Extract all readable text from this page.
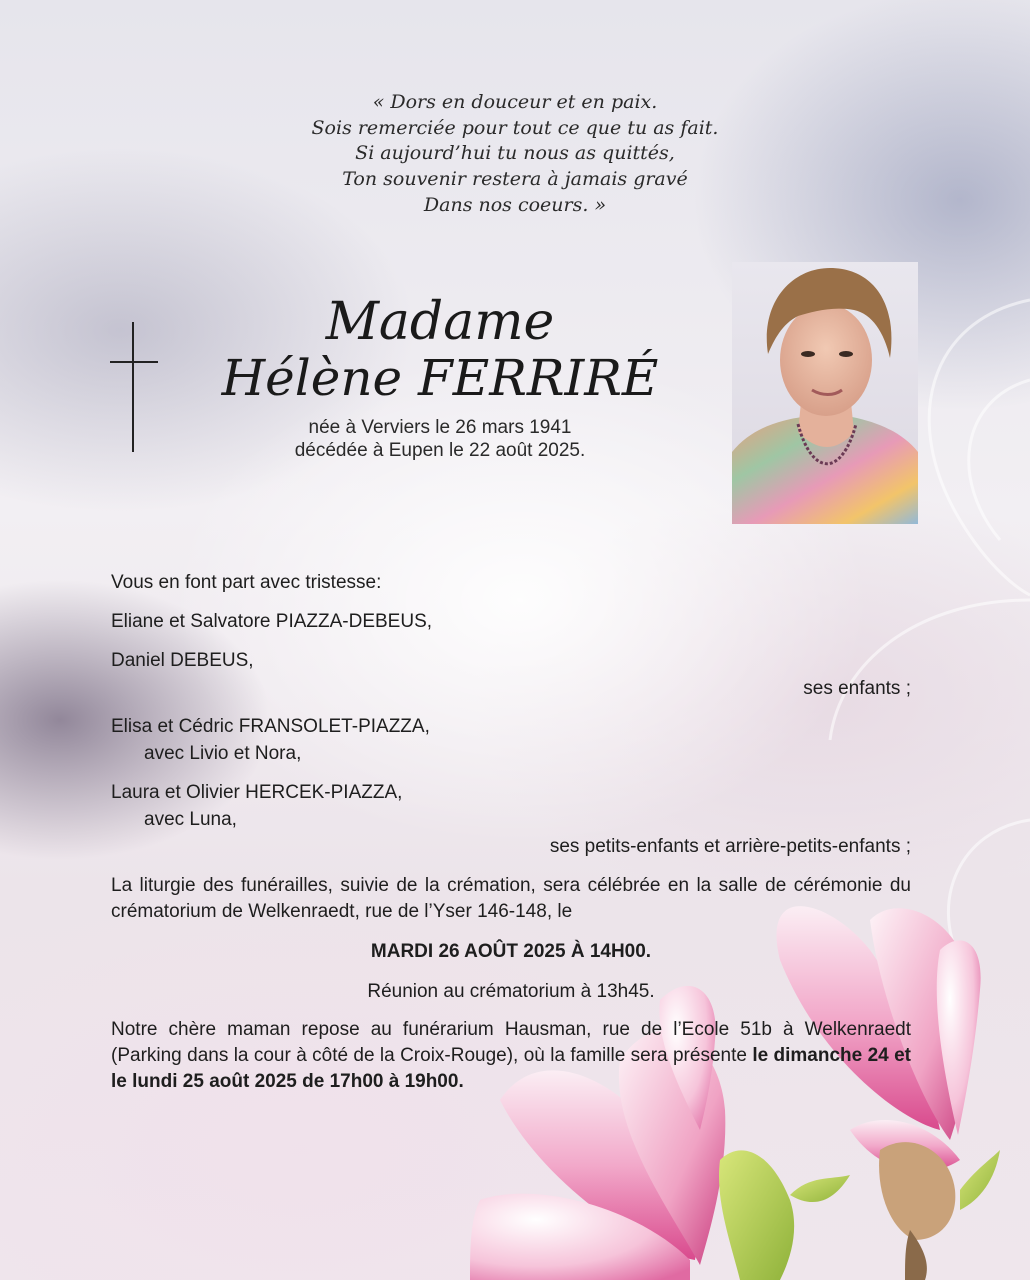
« Dors en douceur et en paix.
Sois remerciée pour tout ce que tu as fait.
Si aujourd’hui tu nous as quittés,
Ton souvenir restera à jamais gravé
Dans nos coeurs. »
Madame
Hélène FERRIRÉ
née à Verviers le 26 mars 1941
décédée à Eupen le 22 août 2025.
Vous en font part avec tristesse:
Eliane et Salvatore PIAZZA-DEBEUS,
Daniel DEBEUS,
ses enfants ;
Elisa et Cédric FRANSOLET-PIAZZA,
avec Livio et Nora,
Laura et Olivier HERCEK-PIAZZA,
avec Luna,
ses petits-enfants et arrière-petits-enfants ;
La liturgie des funérailles, suivie de la crémation, sera célébrée en la salle de cérémonie du crématorium de Welkenraedt, rue de l’Yser 146-148, le
MARDI 26 AOÛT 2025 À 14H00.
Réunion au crématorium à 13h45.
Notre chère maman repose au funérarium Hausman, rue de l’Ecole 51b à Welkenraedt (Parking dans la cour à côté de la Croix-Rouge), où la famille sera présente le dimanche 24 et le lundi 25 août 2025 de 17h00 à 19h00.
